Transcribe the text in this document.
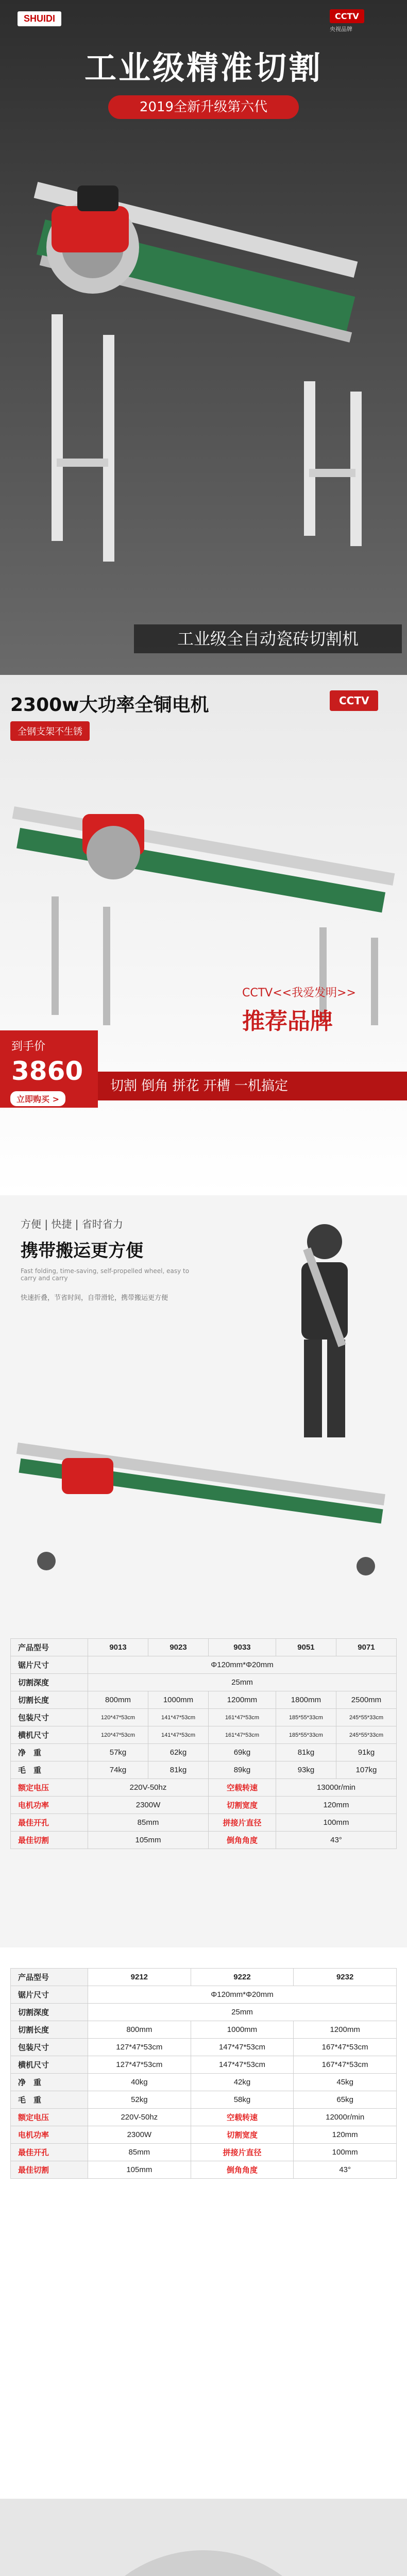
SHUIDI	CCTV
央视品牌
工业级精准切割
2019全新升级第六代
工业级全自动瓷砖切割机
2300w大功率全铜电机
全钢支架不生锈
CCTV
CCTV<<我爱发明>>
推荐品牌
到手价
3860
立即购买 >
切割 倒角 拼花 开槽 一机搞定
方便 | 快捷 | 省时省力
携带搬运更方便
Fast folding, time-saving, self-propelled wheel, easy to carry and carry
快速折叠，节省时间，自带滑轮，携带搬运更方便
产品型号	9013	9023	9033	9051	9071
锯片尺寸	Φ120mm*Φ20mm				
切割深度	25mm				
切割长度	800mm	1000mm	1200mm	1800mm	2500mm
包装尺寸	120*47*53cm	141*47*53cm	161*47*53cm	185*55*33cm	245*55*33cm
横机尺寸	120*47*53cm	141*47*53cm	161*47*53cm	185*55*33cm	245*55*33cm
净　重	57kg	62kg	69kg	81kg	91kg
毛　重	74kg	81kg	89kg	93kg	107kg
额定电压	220V-50hz		空载转速	13000r/min	
电机功率	2300W		切割宽度	120mm	
最佳开孔	85mm		拼接片直径	100mm	
最佳切割	105mm		倒角角度	43°	
产品型号	9212	9222	9232
锯片尺寸	Φ120mm*Φ20mm		
切割深度	25mm		
切割长度	800mm	1000mm	1200mm
包装尺寸	127*47*53cm	147*47*53cm	167*47*53cm
横机尺寸	127*47*53cm	147*47*53cm	167*47*53cm
净　重	40kg	42kg	45kg
毛　重	52kg	58kg	65kg
额定电压	220V-50hz	空载转速	12000r/min
电机功率	2300W	切割宽度	120mm
最佳开孔	85mm	拼接片直径	100mm
最佳切割	105mm	倒角角度	43°
